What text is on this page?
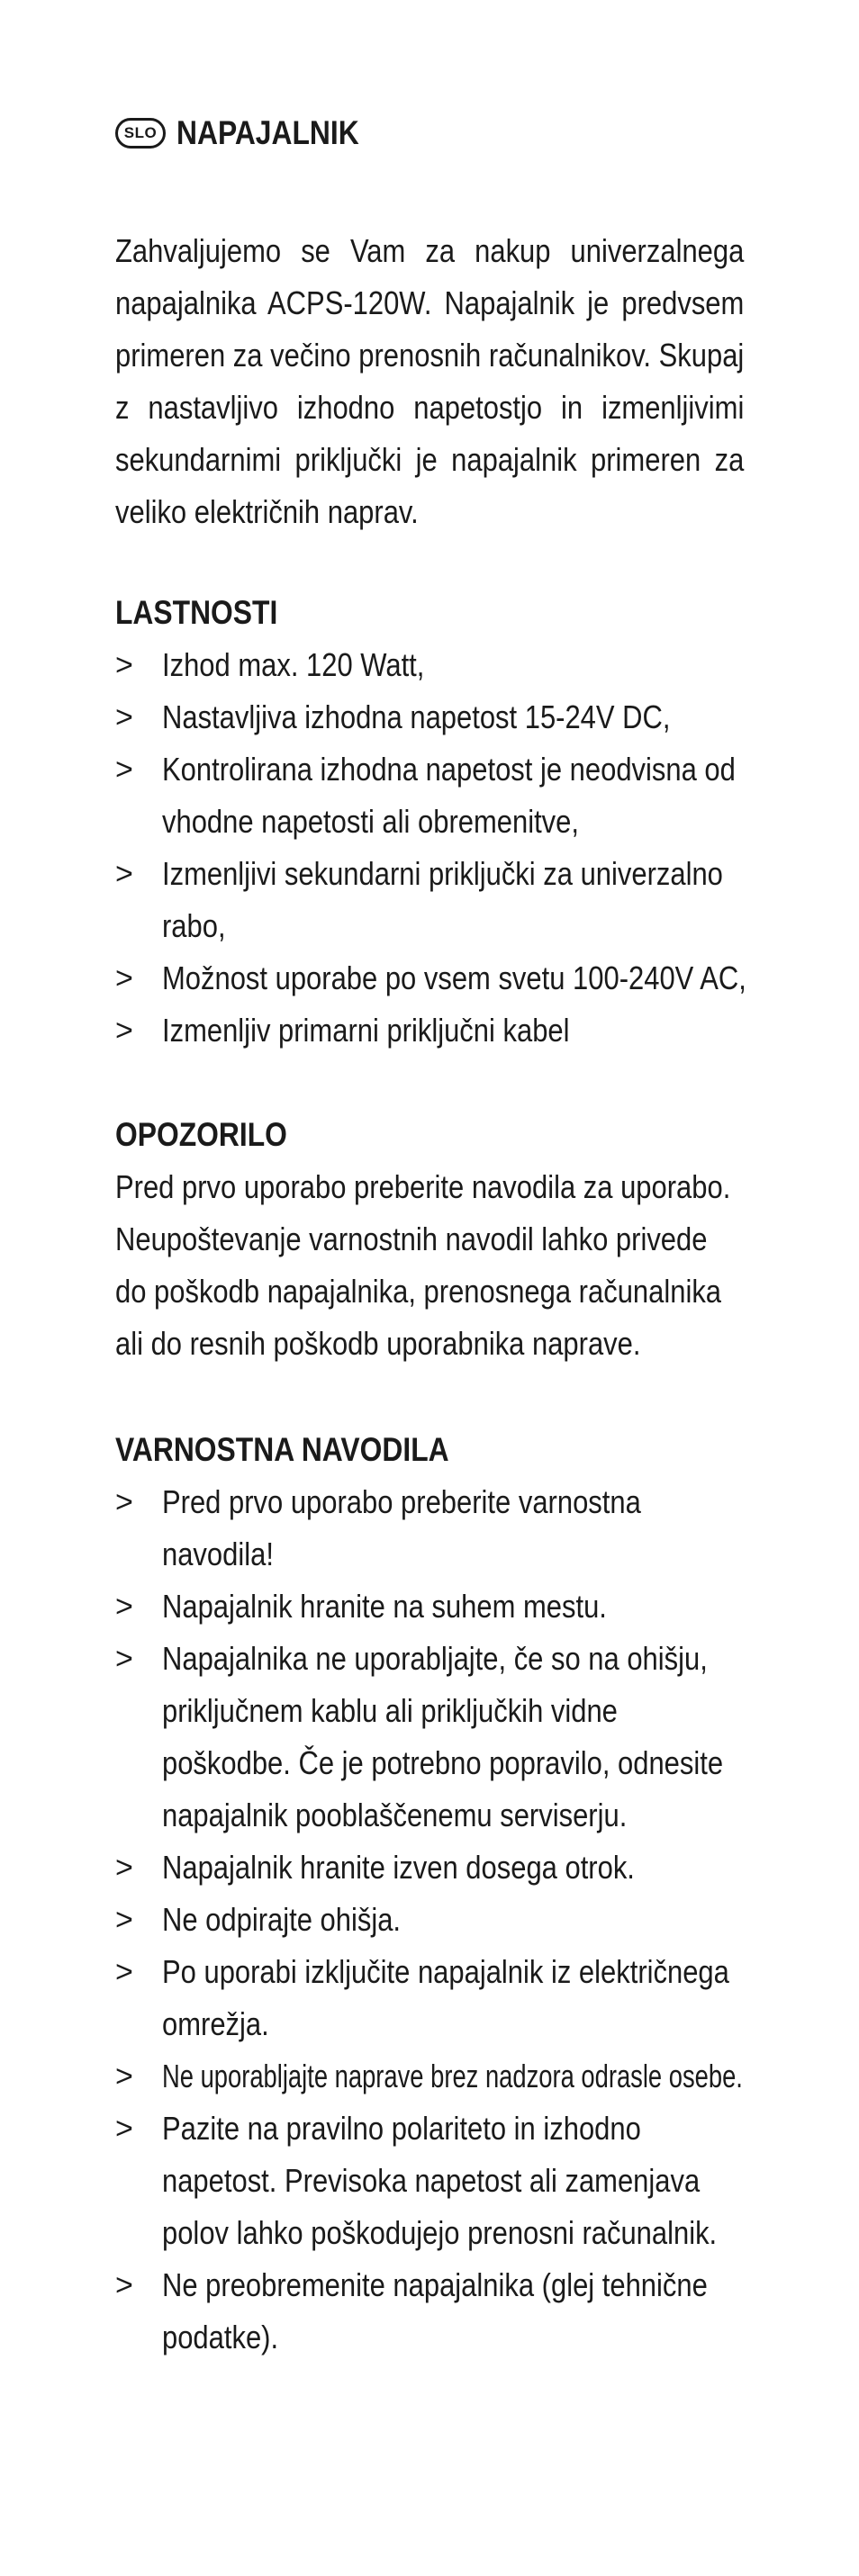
SLO NAPAJALNIK
Zahvaljujemo se Vam za nakup univerzalnega napajalnika ACPS-120W. Napajalnik je predvsem primeren za večino prenosnih računalnikov. Skupaj z nastavljivo izhodno napetostjo in izmenljivimi sekundarnimi priključki je napajalnik primeren za veliko električnih naprav.
LASTNOSTI
> Izhod max. 120 Watt,
> Nastavljiva izhodna napetost 15-24V DC,
> Kontrolirana izhodna napetost je neodvisna od vhodne napetosti ali obremenitve,
> Izmenljivi sekundarni priključki za univerzalno rabo,
> Možnost uporabe po vsem svetu 100-240V AC,
> Izmenljiv primarni priključni kabel
OPOZORILO
Pred prvo uporabo preberite navodila za uporabo. Neupoštevanje varnostnih navodil lahko privede do poškodb napajalnika, prenosnega računalnika ali do resnih poškodb uporabnika naprave.
VARNOSTNA NAVODILA
> Pred prvo uporabo preberite varnostna navodila!
> Napajalnik hranite na suhem mestu.
> Napajalnika ne uporabljajte, če so na ohišju, priključnem kablu ali priključkih vidne poškodbe. Če je potrebno popravilo, odnesite napajalnik pooblaščenemu serviserju.
> Napajalnik hranite izven dosega otrok.
> Ne odpirajte ohišja.
> Po uporabi izključite napajalnik iz električnega omrežja.
> Ne uporabljajte naprave brez nadzora odrasle osebe.
> Pazite na pravilno polariteto in izhodno napetost. Previsoka napetost ali zamenjava polov lahko poškodujejo prenosni računalnik.
> Ne preobremenite napajalnika (glej tehnične podatke).
